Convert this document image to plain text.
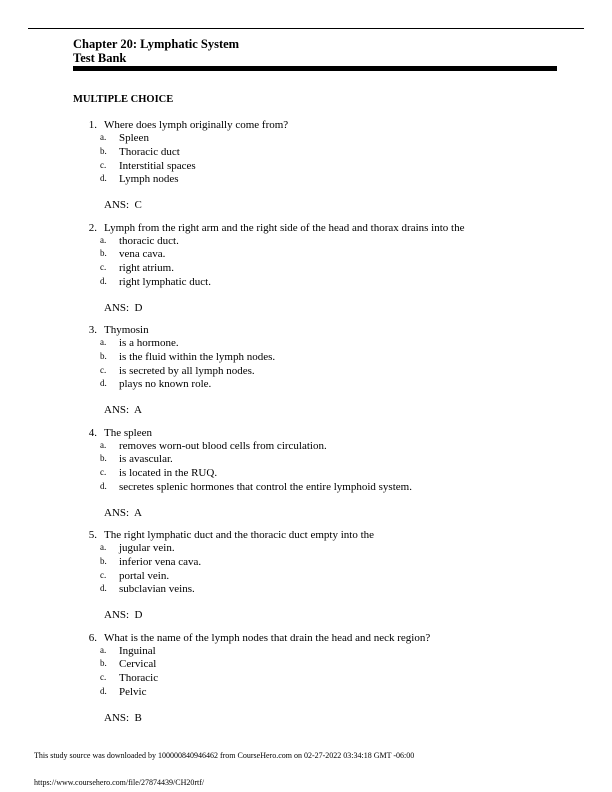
Chapter 20: Lymphatic System
Test Bank
MULTIPLE CHOICE
1. Where does lymph originally come from?
a. Spleen
b. Thoracic duct
c. Interstitial spaces
d. Lymph nodes
ANS:  C
2. Lymph from the right arm and the right side of the head and thorax drains into the
a. thoracic duct.
b. vena cava.
c. right atrium.
d. right lymphatic duct.
ANS:  D
3. Thymosin
a. is a hormone.
b. is the fluid within the lymph nodes.
c. is secreted by all lymph nodes.
d. plays no known role.
ANS:  A
4. The spleen
a. removes worn-out blood cells from circulation.
b. is avascular.
c. is located in the RUQ.
d. secretes splenic hormones that control the entire lymphoid system.
ANS:  A
5. The right lymphatic duct and the thoracic duct empty into the
a. jugular vein.
b. inferior vena cava.
c. portal vein.
d. subclavian veins.
ANS:  D
6. What is the name of the lymph nodes that drain the head and neck region?
a. Inguinal
b. Cervical
c. Thoracic
d. Pelvic
ANS:  B
This study source was downloaded by 100000840946462 from CourseHero.com on 02-27-2022 03:34:18 GMT -06:00
https://www.coursehero.com/file/27874439/CH20rtf/
